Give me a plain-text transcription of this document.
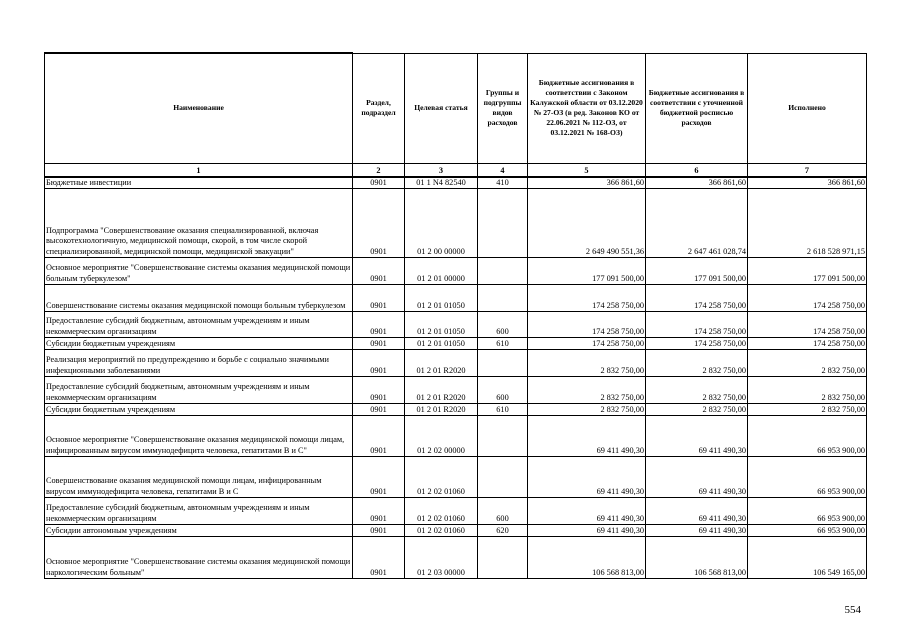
Наименование	Раздел, подраздел	Целевая статья	Группы и подгруппы видов расходов	Бюджетные ассигнования в соответствии с Законом Калужской области от 03.12.2020 № 27-ОЗ (в ред. Законов КО от 22.06.2021 № 112-ОЗ, от 03.12.2021 № 168-ОЗ)	Бюджетные ассигнования в соответствии с уточненной бюджетной росписью расходов	Исполнено
1	2	3	4	5	6	7
Бюджетные инвестиции	0901	01 1 N4 82540	410	366 861,60	366 861,60	366 861,60
Подпрограмма "Совершенствование оказания специализированной, включая высокотехнологичную, медицинской помощи, скорой, в том числе скорой специализированной, медицинской помощи, медицинской эвакуации"	0901	01 2 00 00000		2 649 490 551,36	2 647 461 028,74	2 618 528 971,15
Основное мероприятие "Совершенствование системы оказания медицинской помощи больным туберкулезом"	0901	01 2 01 00000		177 091 500,00	177 091 500,00	177 091 500,00
Совершенствование системы оказания медицинской помощи больным туберкулезом	0901	01 2 01 01050		174 258 750,00	174 258 750,00	174 258 750,00
Предоставление субсидий бюджетным, автономным учреждениям и иным некоммерческим организациям	0901	01 2 01 01050	600	174 258 750,00	174 258 750,00	174 258 750,00
Субсидии бюджетным учреждениям	0901	01 2 01 01050	610	174 258 750,00	174 258 750,00	174 258 750,00
Реализация мероприятий по предупреждению и борьбе с социально значимыми инфекционными заболеваниями	0901	01 2 01 R2020		2 832 750,00	2 832 750,00	2 832 750,00
Предоставление субсидий бюджетным, автономным учреждениям и иным некоммерческим организациям	0901	01 2 01 R2020	600	2 832 750,00	2 832 750,00	2 832 750,00
Субсидии бюджетным учреждениям	0901	01 2 01 R2020	610	2 832 750,00	2 832 750,00	2 832 750,00
Основное мероприятие "Совершенствование оказания медицинской помощи лицам, инфицированным вирусом иммунодефицита человека, гепатитами В и С"	0901	01 2 02 00000		69 411 490,30	69 411 490,30	66 953 900,00
Совершенствование оказания медицинской помощи лицам, инфицированным вирусом иммунодефицита человека, гепатитами В и С	0901	01 2 02 01060		69 411 490,30	69 411 490,30	66 953 900,00
Предоставление субсидий бюджетным, автономным учреждениям и иным некоммерческим организациям	0901	01 2 02 01060	600	69 411 490,30	69 411 490,30	66 953 900,00
Субсидии автономным учреждениям	0901	01 2 02 01060	620	69 411 490,30	69 411 490,30	66 953 900,00
Основное мероприятие "Совершенствование системы оказания медицинской помощи наркологическим больным"	0901	01 2 03 00000		106 568 813,00	106 568 813,00	106 549 165,00
554
